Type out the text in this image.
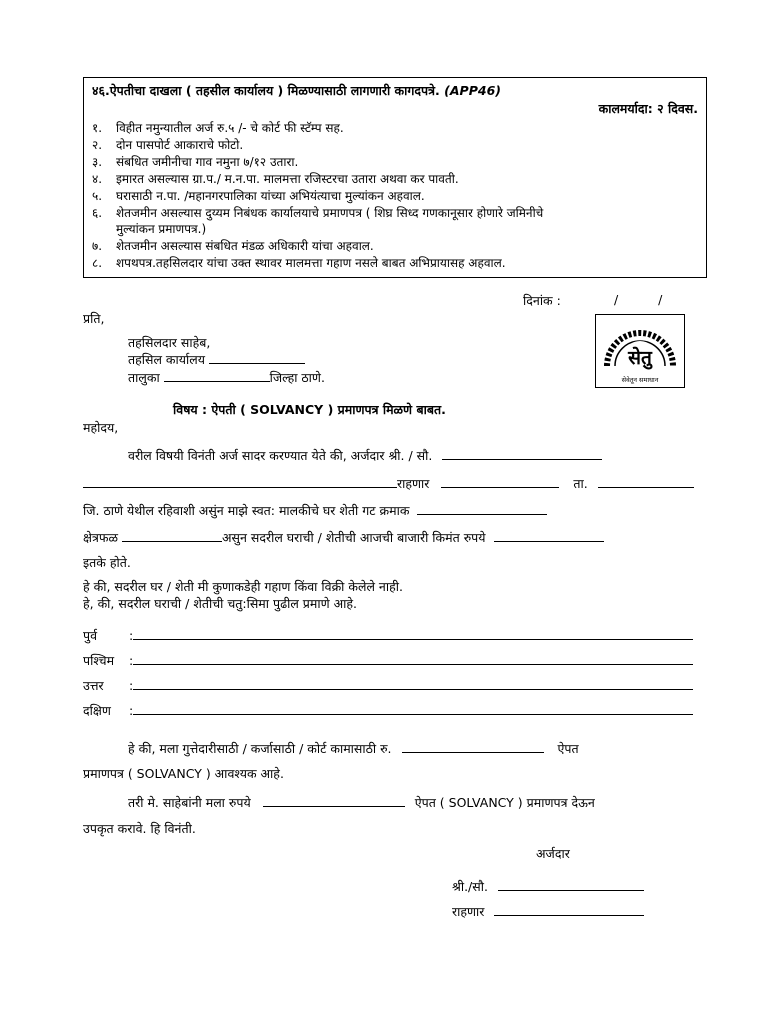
४६.ऐपतीचा दाखला ( तहसील कार्यालय ) मिळण्यासाठी लागणारी कागदपत्रे. (APP46)
कालमर्यादा: २ दिवस.
१. विहीत नमुन्यातील अर्ज रु.५ /- चे कोर्ट फी स्टॅम्प सह.
२. दोन पासपोर्ट आकाराचे फोटो.
३. संबधित जमीनीचा गाव नमुना ७/१२ उतारा.
४. इमारत असल्यास ग्रा.प./ म.न.पा. मालमत्ता रजिस्टरचा उतारा अथवा कर पावती.
५. घरासाठी न.पा. /महानगरपालिका यांच्या अभियंत्याचा मुल्यांकन अहवाल.
६. शेतजमीन असल्यास दुय्यम निबंधक कार्यालयाचे प्रमाणपत्र ( शिघ्र सिध्द गणकानूसार होणारे जमिनीचे
मुल्यांकन प्रमाणपत्र.)
७. शेतजमीन असल्यास संबधित मंडळ अधिकारी यांचा अहवाल.
८. शपथपत्र.तहसिलदार यांचा उक्त स्थावर मालमत्ता गहाण नसले बाबत अभिप्रायासह अहवाल.
दिनांक :	/ /
प्रति,
तहसिलदार साहेब,
तहसिल कार्यालय
तालुका	जिल्हा ठाणे.
सेतु
सेवेतून समाधान
विषय : ऐपती ( SOLVANCY ) प्रमाणपत्र मिळणे बाबत.
महोदय,
वरील विषयी विनंती अर्ज सादर करण्यात येते की, अर्जदार श्री. / सौ.
राहणार	ता.
जि. ठाणे येथील रहिवाशी असुंन माझे स्वत: मालकीचे घर शेती गट क्रमाक
क्षेत्रफळ	असुन सदरील घराची / शेतीची आजची बाजारी किमंत रुपये
इतके होते.
हे की, सदरील घर / शेती मी कुणाकडेही गहाण किंवा विक्री केलेले नाही.
हे, की, सदरील घराची / शेतीची चतु:सिमा पुढील प्रमाणे आहे.
पुर्व	:
पश्चिम :
उत्तर :
दक्षिण :
हे की, मला गुत्तेदारीसाठी / कर्जासाठी / कोर्ट कामासाठी रु.	ऐपत
प्रमाणपत्र ( SOLVANCY ) आवश्यक आहे.
तरी मे. साहेबांनी मला रुपये	ऐपत ( SOLVANCY ) प्रमाणपत्र देऊन
उपकृत करावे. हि विनंती.
अर्जदार
श्री./सौ.
राहणार
